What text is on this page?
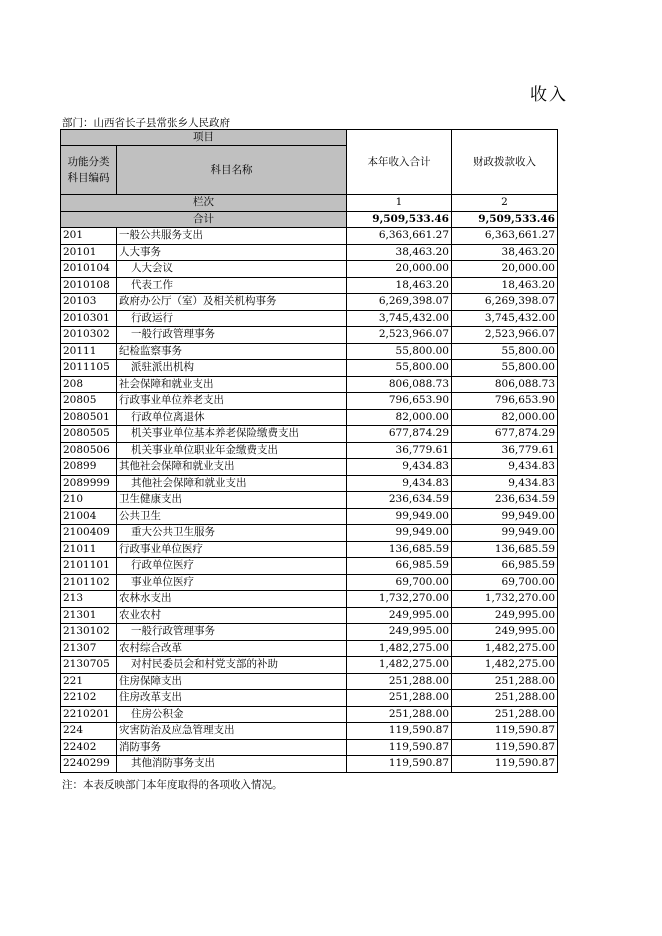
收入
部门：山西省长子县常张乡人民政府
项目		本年收入合计	财政拨款收入
功能分类科目编码	科目名称		
栏次		1	2
合计		9,509,533.46	9,509,533.46
201	一般公共服务支出	6,363,661.27	6,363,661.27
20101	人大事务	38,463.20	38,463.20
2010104	人大会议	20,000.00	20,000.00
2010108	代表工作	18,463.20	18,463.20
20103	政府办公厅（室）及相关机构事务	6,269,398.07	6,269,398.07
2010301	行政运行	3,745,432.00	3,745,432.00
2010302	一般行政管理事务	2,523,966.07	2,523,966.07
20111	纪检监察事务	55,800.00	55,800.00
2011105	派驻派出机构	55,800.00	55,800.00
208	社会保障和就业支出	806,088.73	806,088.73
20805	行政事业单位养老支出	796,653.90	796,653.90
2080501	行政单位离退休	82,000.00	82,000.00
2080505	机关事业单位基本养老保险缴费支出	677,874.29	677,874.29
2080506	机关事业单位职业年金缴费支出	36,779.61	36,779.61
20899	其他社会保障和就业支出	9,434.83	9,434.83
2089999	其他社会保障和就业支出	9,434.83	9,434.83
210	卫生健康支出	236,634.59	236,634.59
21004	公共卫生	99,949.00	99,949.00
2100409	重大公共卫生服务	99,949.00	99,949.00
21011	行政事业单位医疗	136,685.59	136,685.59
2101101	行政单位医疗	66,985.59	66,985.59
2101102	事业单位医疗	69,700.00	69,700.00
213	农林水支出	1,732,270.00	1,732,270.00
21301	农业农村	249,995.00	249,995.00
2130102	一般行政管理事务	249,995.00	249,995.00
21307	农村综合改革	1,482,275.00	1,482,275.00
2130705	对村民委员会和村党支部的补助	1,482,275.00	1,482,275.00
221	住房保障支出	251,288.00	251,288.00
22102	住房改革支出	251,288.00	251,288.00
2210201	住房公积金	251,288.00	251,288.00
224	灾害防治及应急管理支出	119,590.87	119,590.87
22402	消防事务	119,590.87	119,590.87
2240299	其他消防事务支出	119,590.87	119,590.87
注：本表反映部门本年度取得的各项收入情况。
